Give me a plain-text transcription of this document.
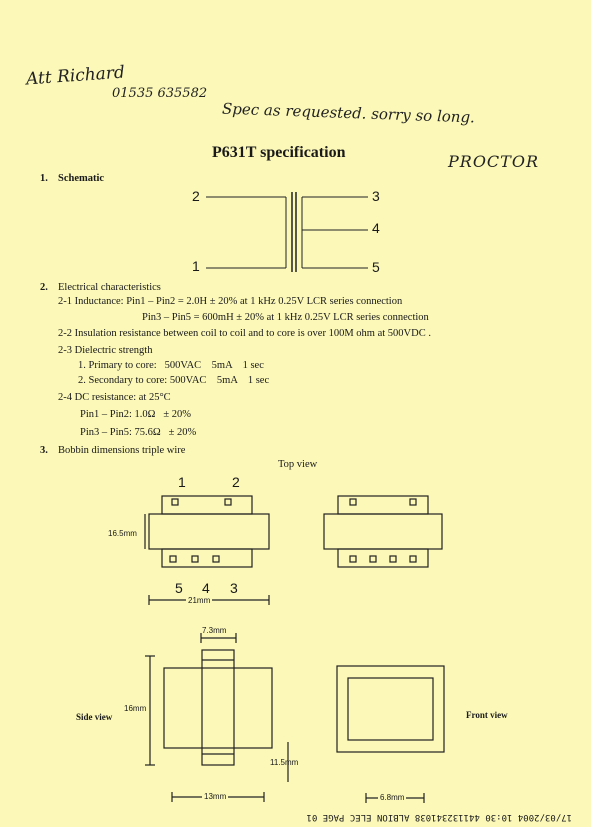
Att Richard
01535 635582
Spec as requested. sorry so long.
PROCTOR
P631T specification
1. Schematic
2
1
3
4
5
2. Electrical characteristics
2-1 Inductance: Pin1 – Pin2 = 2.0H ± 20% at 1 kHz 0.25V LCR series connection
Pin3 – Pin5 = 600mH ± 20% at 1 kHz 0.25V LCR series connection
2-2 Insulation resistance between coil to coil and to core is over 100M ohm at 500VDC .
2-3 Dielectric strength
1. Primary to core:   500VAC    5mA    1 sec
2. Secondary to core: 500VAC    5mA    1 sec
2-4 DC resistance: at 25°C
Pin1 – Pin2: 1.0Ω   ± 20%
Pin3 – Pin5: 75.6Ω   ± 20%
3. Bobbin dimensions triple wire
Top view
1	2
5 4 3
16.5mm
21mm
7.3mm
16mm
11.5mm
13mm	6.8mm
Side view	Front view
17/03/2004 10:30 441132341038 ALBION ELEC PAGE 01
